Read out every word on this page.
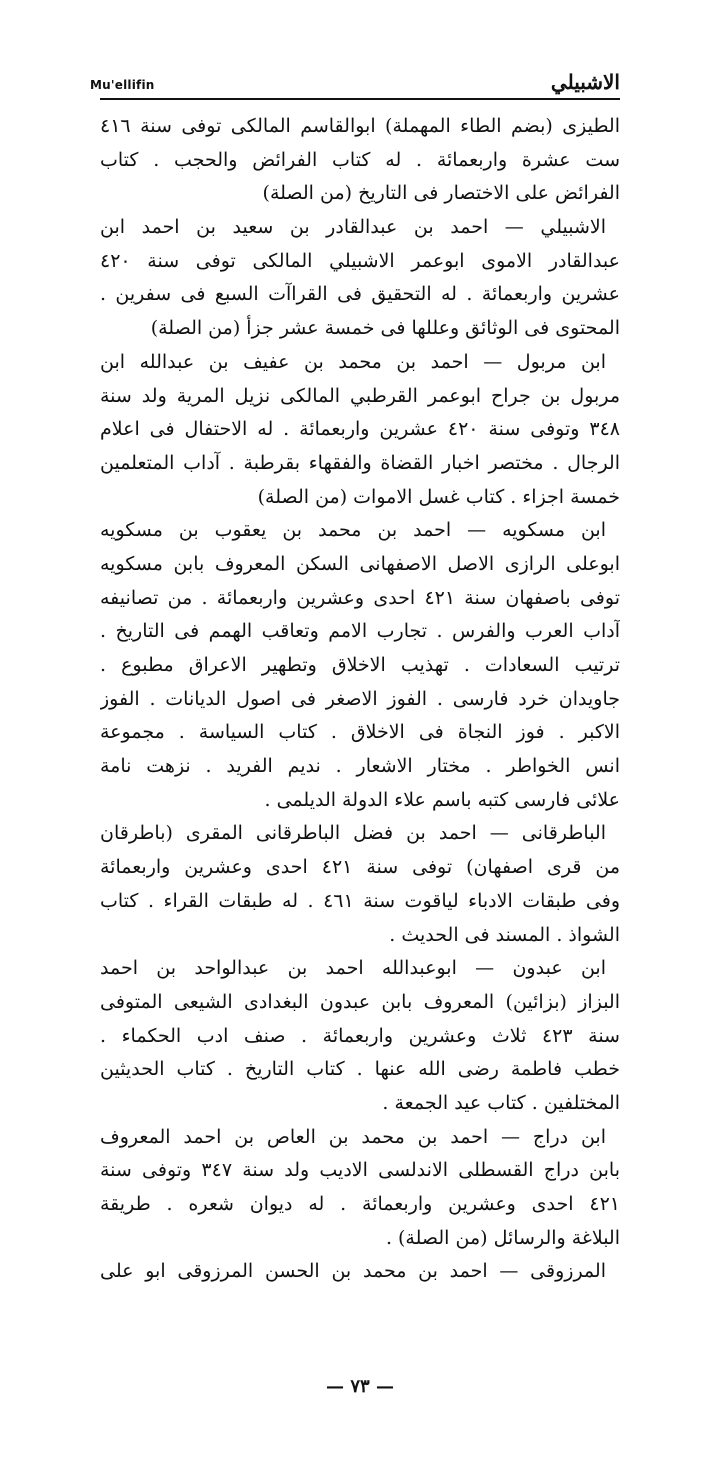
Mu'ellifin	الاشبيلي
الطيزى (بضم الطاء المهملة) ابوالقاسم المالكى توفى سنة ٤١٦
ست عشرة واربعمائة . له كتاب الفرائض والحجب . كتاب
الفرائض على الاختصار فى التاريخ (من الصلة)
الاشبيلي — احمد بن عبدالقادر بن سعيد بن احمد ابن
عبدالقادر الاموى ابوعمر الاشبيلي المالكى توفى سنة ٤٢٠
عشرين واربعمائة . له التحقيق فى القراآت السبع فى سفرين .
المحتوى فى الوثائق وعللها فى خمسة عشر جزأ (من الصلة)
ابن مربول — احمد بن محمد بن عفيف بن عبدالله ابن
مربول بن جراح ابوعمر القرطبي المالكى نزيل المرية ولد سنة
٣٤٨ وتوفى سنة ٤٢٠ عشرين واربعمائة . له الاحتفال فى اعلام
الرجال . مختصر اخبار القضاة والفقهاء بقرطبة . آداب المتعلمين
خمسة اجزاء . كتاب غسل الاموات (من الصلة)
ابن مسكويه — احمد بن محمد بن يعقوب بن مسكويه
ابوعلى الرازى الاصل الاصفهانى السكن المعروف بابن مسكويه
توفى باصفهان سنة ٤٢١ احدى وعشرين واربعمائة . من تصانيفه
آداب العرب والفرس . تجارب الامم وتعاقب الهمم فى التاريخ .
ترتيب السعادات . تهذيب الاخلاق وتطهير الاعراق مطبوع .
جاويدان خرد فارسى . الفوز الاصغر فى اصول الديانات . الفوز
الاكبر . فوز النجاة فى الاخلاق . كتاب السياسة . مجموعة
انس الخواطر . مختار الاشعار . نديم الفريد . نزهت نامة
علائى فارسى كتبه باسم علاء الدولة الديلمى .
الباطرقانى — احمد بن فضل الباطرقانى المقرى (باطرقان
من قرى اصفهان) توفى سنة ٤٢١ احدى وعشرين واربعمائة
وفى طبقات الادباء لياقوت سنة ٤٦١ . له طبقات القراء . كتاب
الشواذ . المسند فى الحديث .
ابن عبدون — ابوعبدالله احمد بن عبدالواحد بن احمد
البزاز (بزائين) المعروف بابن عبدون البغدادى الشيعى المتوفى
سنة ٤٢٣ ثلاث وعشرين واربعمائة . صنف ادب الحكماء .
خطب فاطمة رضى الله عنها . كتاب التاريخ . كتاب الحديثين
المختلفين . كتاب عيد الجمعة .
ابن دراج — احمد بن محمد بن العاص بن احمد المعروف
بابن دراج القسطلى الاندلسى الاديب ولد سنة ٣٤٧ وتوفى سنة
٤٢١ احدى وعشرين واربعمائة . له ديوان شعره . طريقة
البلاغة والرسائل (من الصلة) .
المرزوقى — احمد بن محمد بن الحسن المرزوقى ابو على
— ٧٣ —
